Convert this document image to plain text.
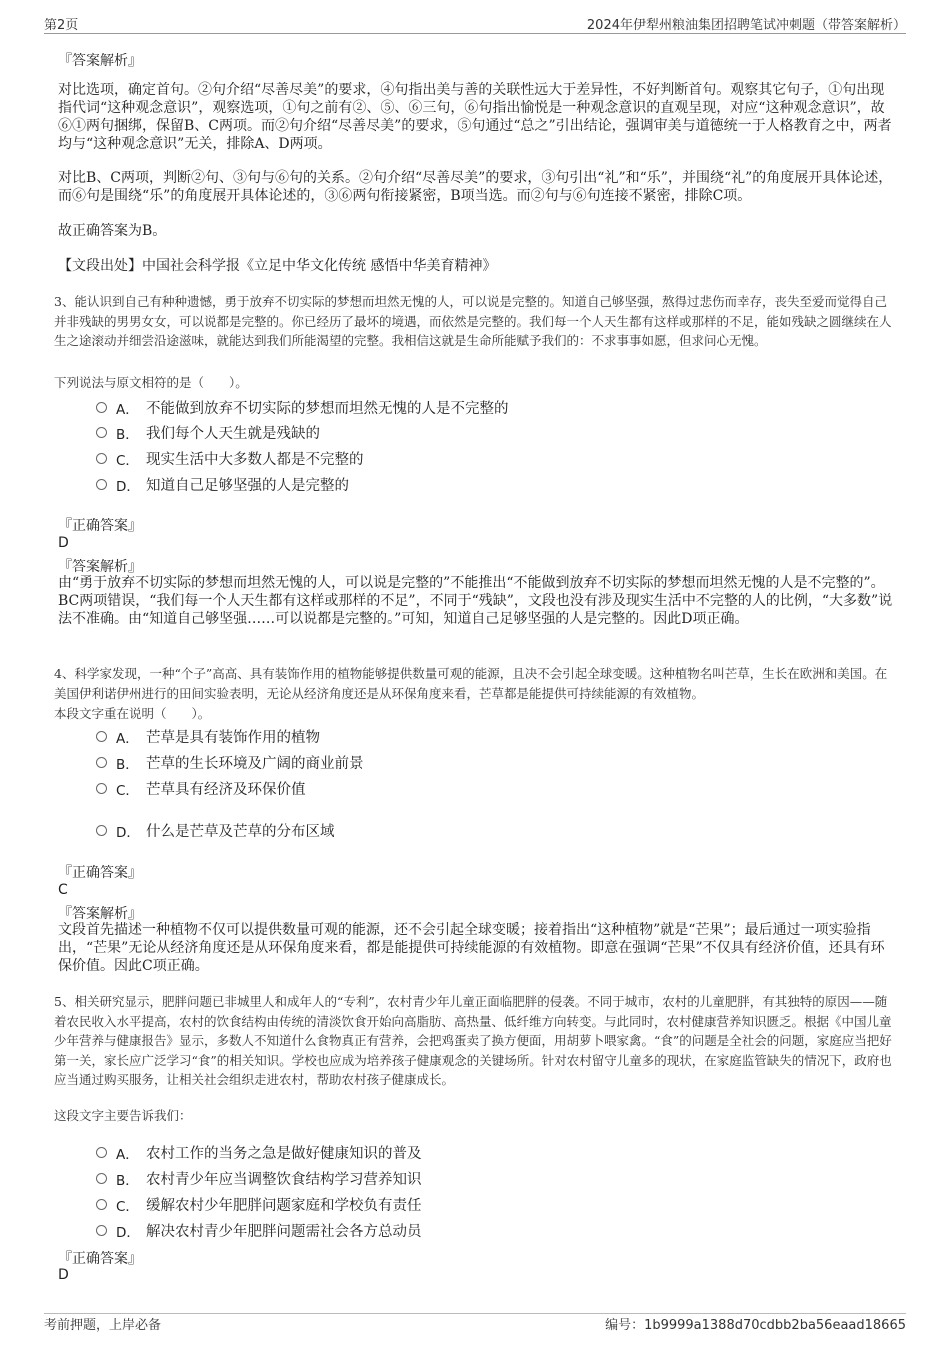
第2页	2024年伊犁州粮油集团招聘笔试冲刺题（带答案解析）
『答案解析』
对比选项，确定首句。②句介绍“尽善尽美”的要求，④句指出美与善的关联性远大于差异性，不好判断首句。观察其它句子，①句出现指代词“这种观念意识”，观察选项，①句之前有②、⑤、⑥三句，⑥句指出愉悦是一种观念意识的直观呈现，对应“这种观念意识”，故⑥①两句捆绑，保留B、C两项。而②句介绍“尽善尽美”的要求，⑤句通过“总之”引出结论，强调审美与道德统一于人格教育之中，两者均与“这种观念意识”无关，排除A、D两项。
对比B、C两项，判断②句、③句与⑥句的关系。②句介绍“尽善尽美”的要求，③句引出“礼”和“乐”，并围绕“礼”的角度展开具体论述，而⑥句是围绕“乐”的角度展开具体论述的，③⑥两句衔接紧密，B项当选。而②句与⑥句连接不紧密，排除C项。
故正确答案为B。
【文段出处】中国社会科学报《立足中华文化传统 感悟中华美育精神》
3、能认识到自己有种种遗憾，勇于放弃不切实际的梦想而坦然无愧的人，可以说是完整的。知道自己够坚强，熬得过悲伤而幸存，丧失至爱而觉得自己并非残缺的男男女女，可以说都是完整的。你已经历了最坏的境遇，而依然是完整的。我们每一个人天生都有这样或那样的不足，能如残缺之圆继续在人生之途滚动并细尝沿途滋味，就能达到我们所能渴望的完整。我相信这就是生命所能赋予我们的：不求事事如愿，但求问心无愧。
下列说法与原文相符的是（　　）。
A． 不能做到放弃不切实际的梦想而坦然无愧的人是不完整的
B． 我们每个人天生就是残缺的
C． 现实生活中大多数人都是不完整的
D． 知道自己足够坚强的人是完整的
『正确答案』
D
『答案解析』
由“勇于放弃不切实际的梦想而坦然无愧的人，可以说是完整的”不能推出“不能做到放弃不切实际的梦想而坦然无愧的人是不完整的”。BC两项错误，“我们每一个人天生都有这样或那样的不足”，不同于“残缺”，文段也没有涉及现实生活中不完整的人的比例，“大多数”说法不准确。由“知道自己够坚强……可以说都是完整的。”可知，知道自己足够坚强的人是完整的。因此D项正确。
4、科学家发现，一种“个子”高高、具有装饰作用的植物能够提供数量可观的能源，且决不会引起全球变暖。这种植物名叫芒草，生长在欧洲和美国。在美国伊利诺伊州进行的田间实验表明，无论从经济角度还是从环保角度来看，芒草都是能提供可持续能源的有效植物。
本段文字重在说明（　　）。
A． 芒草是具有装饰作用的植物
B． 芒草的生长环境及广阔的商业前景
C． 芒草具有经济及环保价值
D． 什么是芒草及芒草的分布区域
『正确答案』
C
『答案解析』
文段首先描述一种植物不仅可以提供数量可观的能源，还不会引起全球变暖；接着指出“这种植物”就是“芒果”；最后通过一项实验指出，“芒果”无论从经济角度还是从环保角度来看，都是能提供可持续能源的有效植物。即意在强调“芒果”不仅具有经济价值，还具有环保价值。因此C项正确。
5、相关研究显示，肥胖问题已非城里人和成年人的“专利”，农村青少年儿童正面临肥胖的侵袭。不同于城市，农村的儿童肥胖，有其独特的原因——随着农民收入水平提高，农村的饮食结构由传统的清淡饮食开始向高脂肪、高热量、低纤维方向转变。与此同时，农村健康营养知识匮乏。根据《中国儿童少年营养与健康报告》显示，多数人不知道什么食物真正有营养，会把鸡蛋卖了换方便面，用胡萝卜喂家禽。“食”的问题是全社会的问题，家庭应当把好第一关，家长应广泛学习“食”的相关知识。学校也应成为培养孩子健康观念的关键场所。针对农村留守儿童多的现状，在家庭监管缺失的情况下，政府也应当通过购买服务，让相关社会组织走进农村，帮助农村孩子健康成长。
这段文字主要告诉我们：
A． 农村工作的当务之急是做好健康知识的普及
B． 农村青少年应当调整饮食结构学习营养知识
C． 缓解农村少年肥胖问题家庭和学校负有责任
D． 解决农村青少年肥胖问题需社会各方总动员
『正确答案』
D
考前押题，上岸必备	编号：1b9999a1388d70cdbb2ba56eaad18665
